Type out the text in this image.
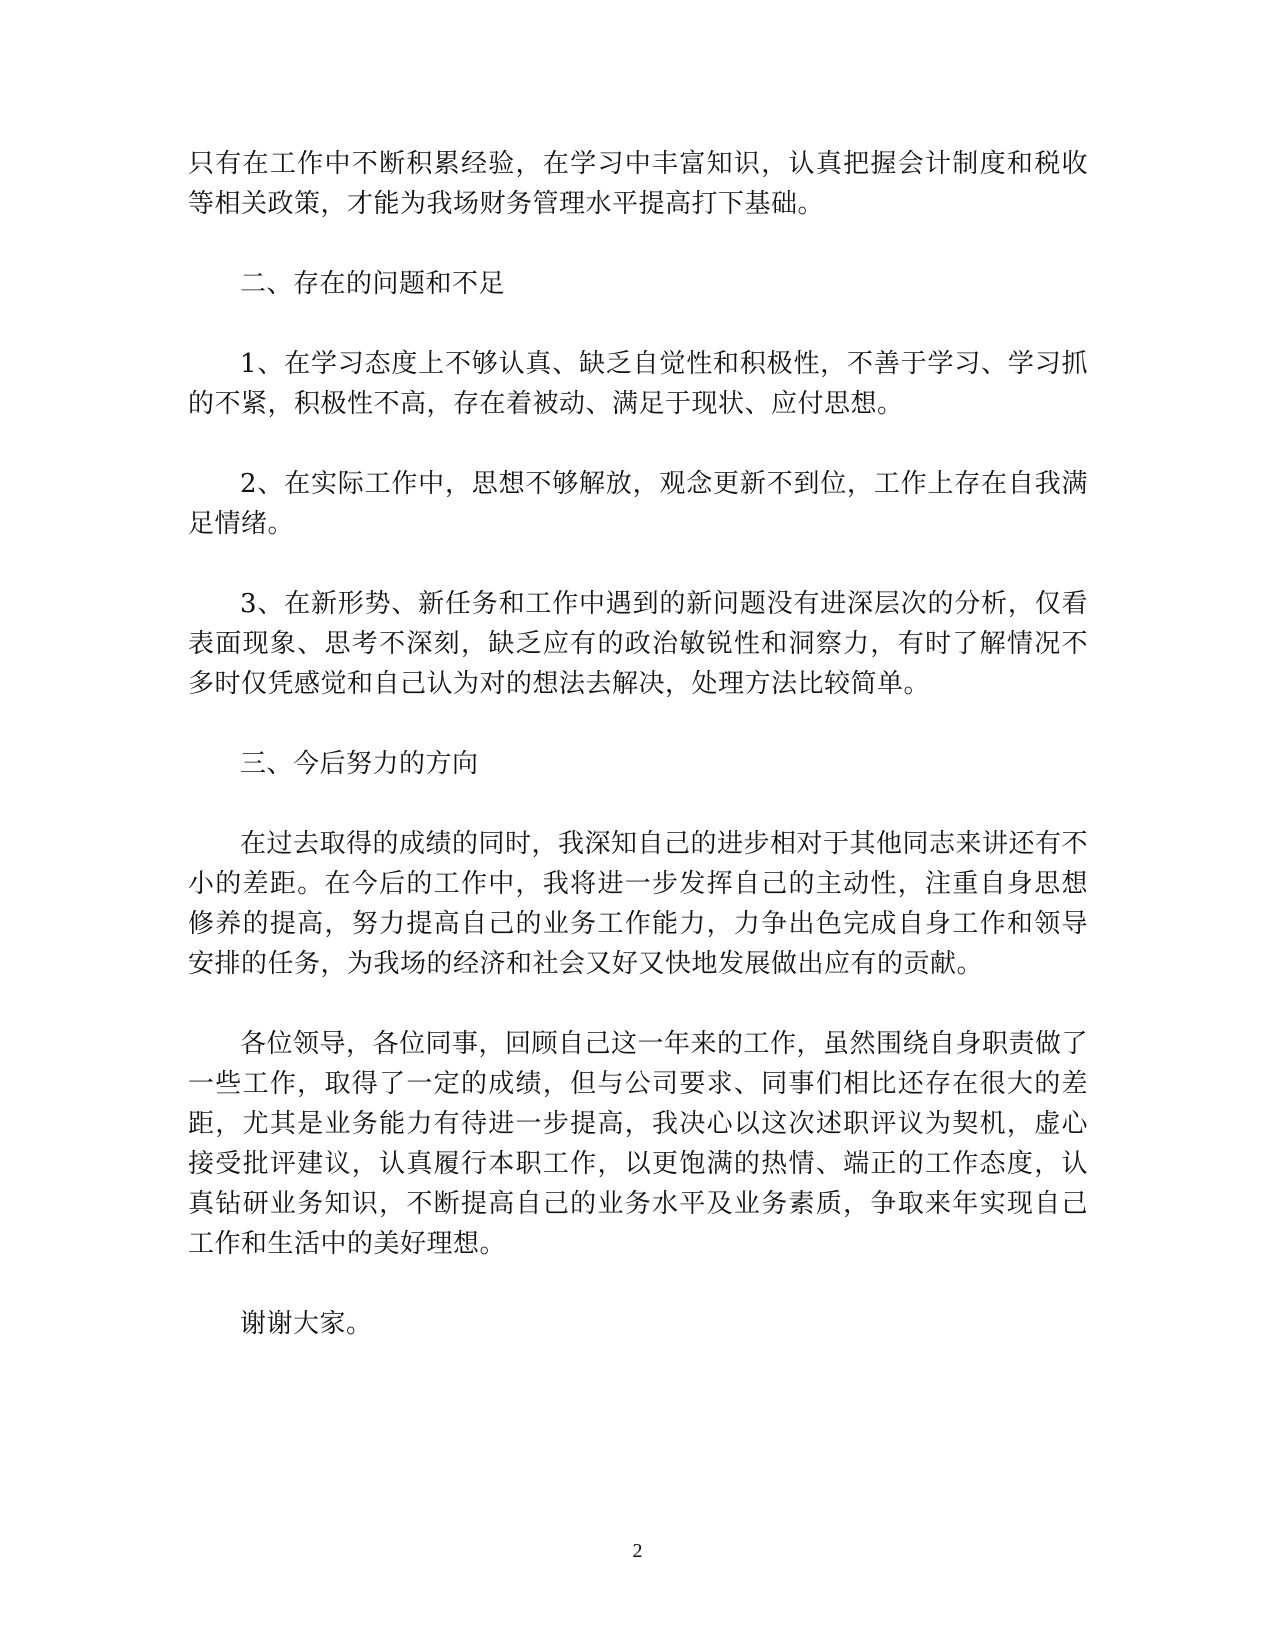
只有在工作中不断积累经验，在学习中丰富知识，认真把握会计制度和税收等相关政策，才能为我场财务管理水平提高打下基础。

二、存在的问题和不足

1、在学习态度上不够认真、缺乏自觉性和积极性，不善于学习、学习抓的不紧，积极性不高，存在着被动、满足于现状、应付思想。

2、在实际工作中，思想不够解放，观念更新不到位，工作上存在自我满足情绪。

3、在新形势、新任务和工作中遇到的新问题没有进深层次的分析，仅看表面现象、思考不深刻，缺乏应有的政治敏锐性和洞察力，有时了解情况不多时仅凭感觉和自己认为对的想法去解决，处理方法比较简单。

三、今后努力的方向

在过去取得的成绩的同时，我深知自己的进步相对于其他同志来讲还有不小的差距。在今后的工作中，我将进一步发挥自己的主动性，注重自身思想修养的提高，努力提高自己的业务工作能力，力争出色完成自身工作和领导安排的任务，为我场的经济和社会又好又快地发展做出应有的贡献。

各位领导，各位同事，回顾自己这一年来的工作，虽然围绕自身职责做了一些工作，取得了一定的成绩，但与公司要求、同事们相比还存在很大的差距，尤其是业务能力有待进一步提高，我决心以这次述职评议为契机，虚心接受批评建议，认真履行本职工作，以更饱满的热情、端正的工作态度，认真钻研业务知识，不断提高自己的业务水平及业务素质，争取来年实现自己工作和生活中的美好理想。

谢谢大家。

2
